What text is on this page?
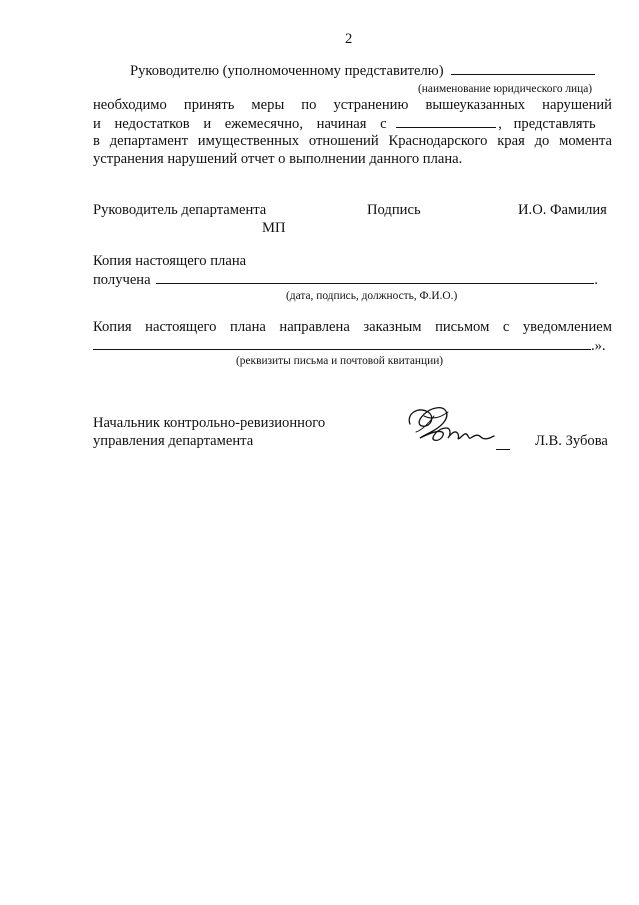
2
Руководителю (уполномоченному представителю)
(наименование юридического лица)
необходимо принять меры по устранению вышеуказанных нарушений
и недостатков и ежемесячно, начиная с	, представлять
в департамент имущественных отношений Краснодарского края до момента
устранения нарушений отчет о выполнении данного плана.
Руководитель департамента	Подпись	И.О. Фамилия
МП
Копия настоящего плана
получена	.
(дата, подпись, должность, Ф.И.О.)
Копия настоящего плана направлена заказным письмом с уведомлением
.».
(реквизиты письма и почтовой квитанции)
Начальник контрольно-ревизионного
управления департамента	Л.В. Зубова
